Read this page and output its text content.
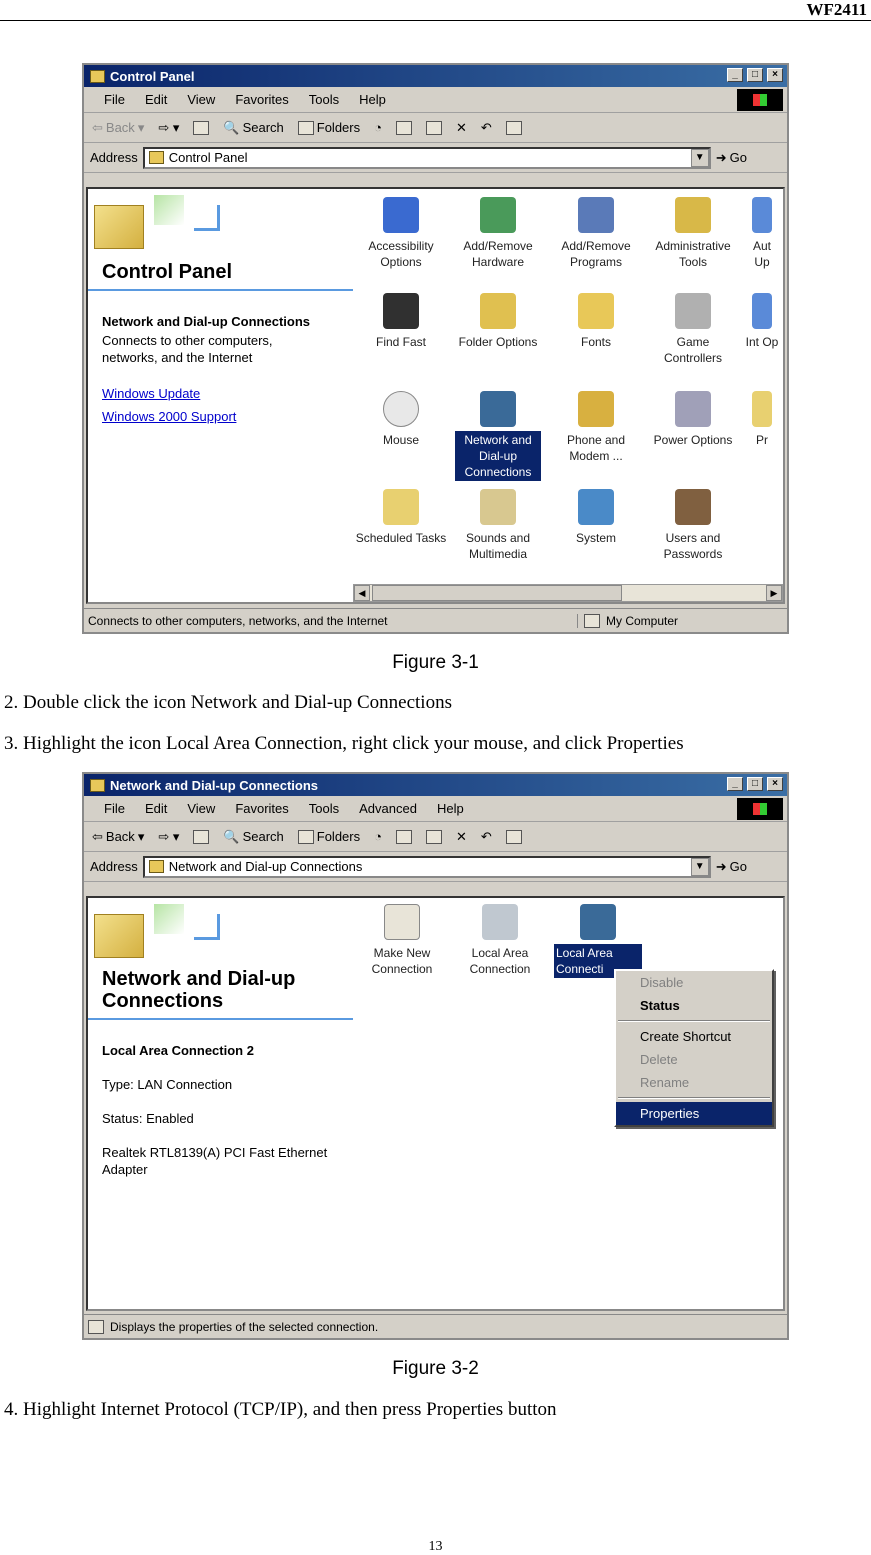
WF2411
Control Panel	_	□	×
File	Edit	View	Favorites	Tools	Help
⇦ Back ▾ ⇨ ▾	🔍 Search	Folders ◔	✕ ↶
Address Control Panel	▼ ➜ Go
Control Panel
Network and Dial-up Connections
Connects to other computers, networks, and the Internet
Windows Update
Windows 2000 Support
Accessibility Options
Add/Remove Hardware
Add/Remove Programs
Administrative Tools
Aut Up
Find Fast	Folder Options	Fonts	Game Controllers
Int Op
Mouse	Network and Dial-up Connections
Phone and Modem ...
Power Options	Pr
Scheduled Tasks	Sounds and Multimedia
System	Users and Passwords
◀	▶
Connects to other computers, networks, and the Internet	My Computer
Figure 3-1
2. Double click the icon Network and Dial-up Connections
3. Highlight the icon Local Area Connection, right click your mouse, and click Properties
Network and Dial-up Connections	_	□	×
File	Edit	View	Favorites	Tools	Advanced	Help
⇦ Back ▾ ⇨ ▾	🔍 Search	Folders ◔	✕ ↶
Address Network and Dial-up Connections	▼ ➜ Go
Network and Dial-up Connections
Local Area Connection 2
Type: LAN Connection
Status: Enabled
Realtek RTL8139(A) PCI Fast Ethernet Adapter
Make New Connection
Local Area Connection
Local Area Connecti
Displays the properties of the selected connection.
Disable
Status
Create Shortcut
Delete
Rename
Properties
Figure 3-2
4. Highlight Internet Protocol (TCP/IP), and then press Properties button
13
